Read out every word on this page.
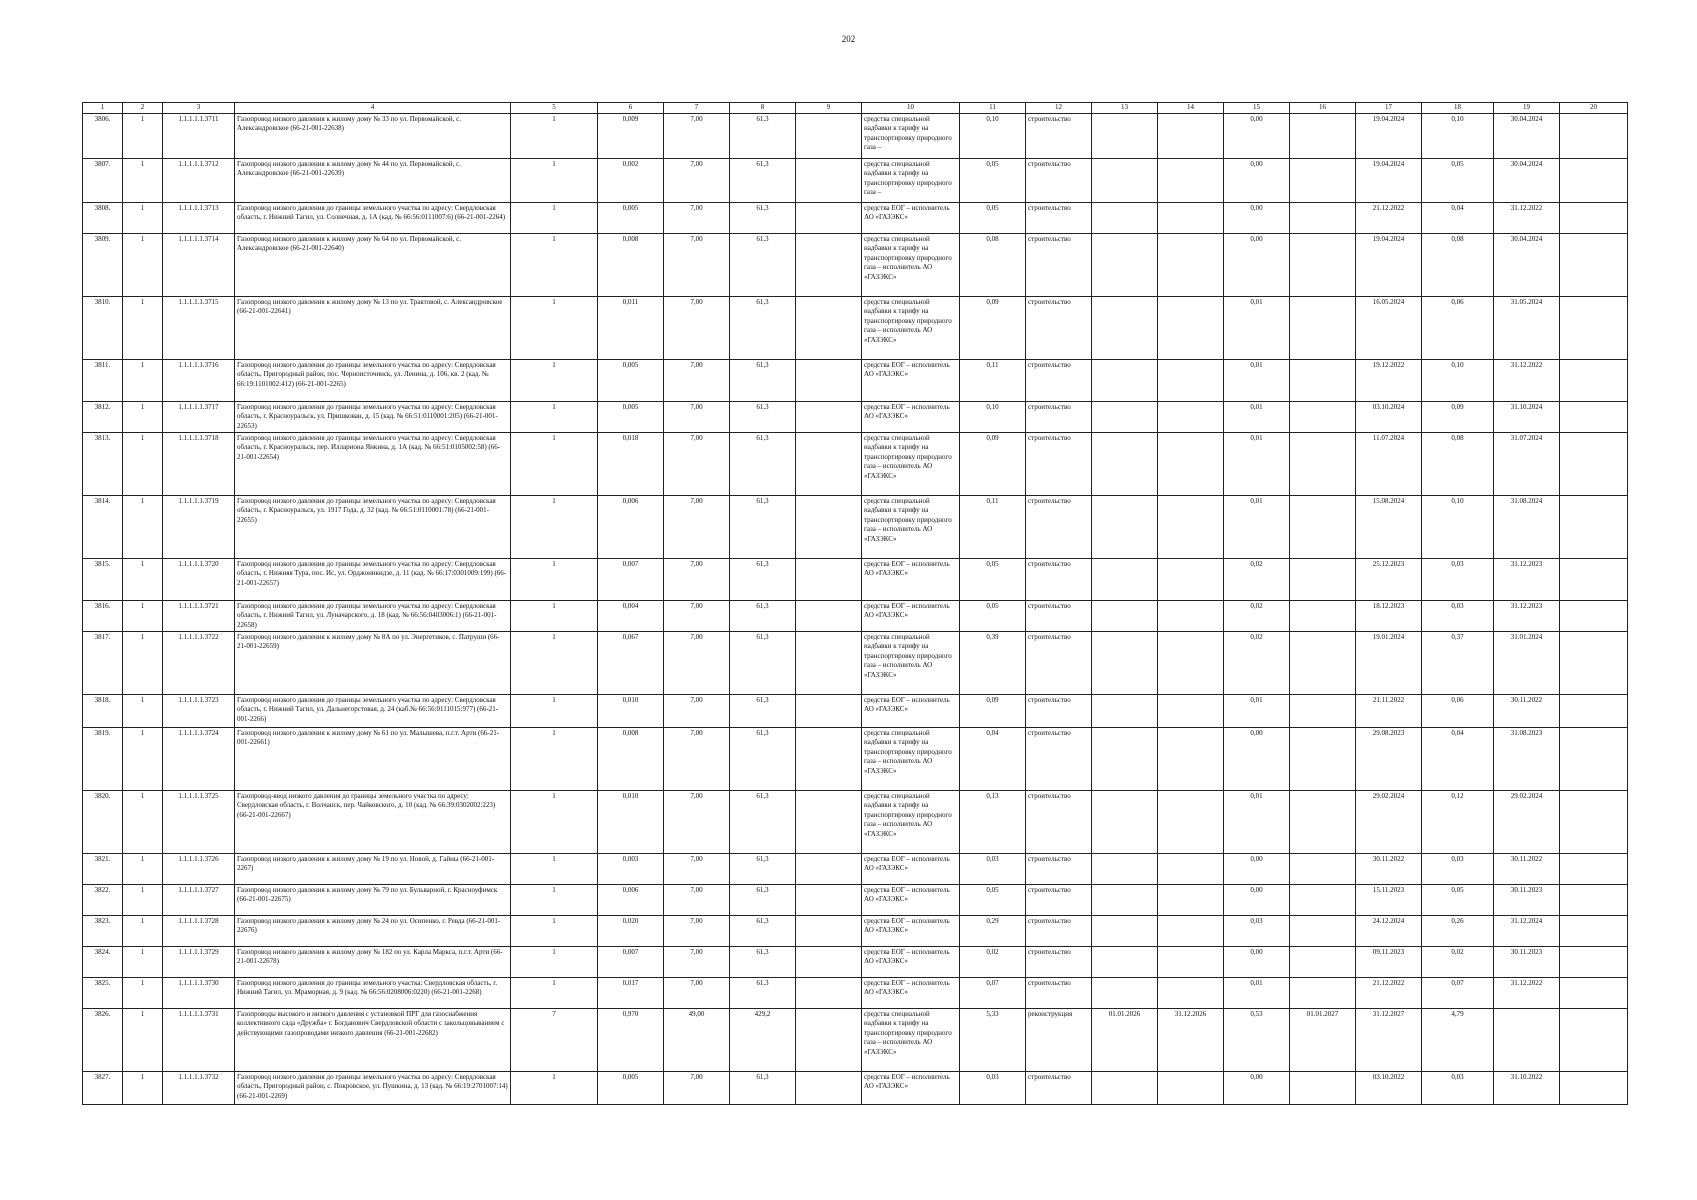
202
1	2	3	4	5	6	7	8	9	10	11	12	13	14	15	16	17	18	19	20
3806.	1	1.1.1.1.1.3711	Газопровод низкого давления к жилому дому № 33 по ул. Первомайской, с. Александровское (66-21-001-22638)	1	0,009	7,00	61,3		средства специальной надбавки к тарифу на транспортировку природного газа –	0,10	строительство			0,00		19.04.2024	0,10	30.04.2024	
3807.	1	1.1.1.1.1.3712	Газопровод низкого давления к жилому дому № 44 по ул. Первомайской, с. Александровское (66-21-001-22639)	1	0,002	7,00	61,3		средства специальной надбавки к тарифу на транспортировку природного газа –	0,05	строительство			0,00		19.04.2024	0,05	30.04.2024	
3808.	1	1.1.1.1.1.3713	Газопровод низкого давления до границы земельного участка по адресу: Свердловская область, г. Нижний Тагил, ул. Солнечная, д. 1А (кад. № 66:56:0111007:6) (66-21-001-2264)	1	0,005	7,00	61,3		средства ЕОГ – исполнитель АО «ГАЗЭКС»	0,05	строительство			0,00		21.12.2022	0,04	31.12.2022	
3809.	1	1.1.1.1.1.3714	Газопровод низкого давления к жилому дому № 64 по ул. Первомайской, с. Александровское (66-21-001-22640)	1	0,008	7,00	61,3		средства специальной надбавки к тарифу на транспортировку природного газа – исполнитель АО «ГАЗЭКС»	0,08	строительство			0,00		19.04.2024	0,08	30.04.2024	
3810.	1	1.1.1.1.1.3715	Газопровод низкого давления к жилому дому № 13 по ул. Трактовой, с. Александровское (66-21-001-22641)	1	0,011	7,00	61,3		средства специальной надбавки к тарифу на транспортировку природного газа – исполнитель АО «ГАЗЭКС»	0,09	строительство			0,01		16.05.2024	0,06	31.05.2024	
3811.	1	1.1.1.1.1.3716	Газопровод низкого давления до границы земельного участка по адресу: Свердловская область, Пригородный район, пос. Черноисточинск, ул. Ленина, д. 106, кв. 2 (кад. № 66:19:1101002:412) (66-21-001-2265)	1	0,005	7,00	61,3		средства ЕОГ – исполнитель АО «ГАЗЭКС»	0,11	строительство			0,01		19.12.2022	0,10	31.12.2022	
3812.	1	1.1.1.1.1.3717	Газопровод низкого давления до границы земельного участка по адресу: Свердловская область, г. Красноуральск, ул. Пришкован, д. 15 (кад. № 66:51:0110001:205) (66-21-001-22653)	1	0,005	7,00	61,3		средства ЕОГ – исполнитель АО «ГАЗЭКС»	0,10	строительство			0,01		03.10.2024	0,09	31.10.2024	
3813.	1	1.1.1.1.1.3718	Газопровод низкого давления до границы земельного участка по адресу: Свердловская область, г. Красноуральск, пер. Иллариона Янкина, д. 1А (кад. № 66:51:0105002:58) (66-21-001-22654)	1	0,018	7,00	61,3		средства специальной надбавки к тарифу на транспортировку природного газа – исполнитель АО «ГАЗЭКС»	0,09	строительство			0,01		11.07.2024	0,08	31.07.2024	
3814.	1	1.1.1.1.1.3719	Газопровод низкого давления до границы земельного участка по адресу: Свердловская область, г. Красноуральск, ул. 1917 Года, д. 32 (кад. № 66:51:0110001:78) (66-21-001-22655)	1	0,006	7,00	61,3		средства специальной надбавки к тарифу на транспортировку природного газа – исполнитель АО «ГАЗЭКС»	0,11	строительство			0,01		15.08.2024	0,10	31.08.2024	
3815.	1	1.1.1.1.1.3720	Газопровод низкого давления до границы земельного участка по адресу: Свердловская область, г. Нижняя Тура, пос. Ис, ул. Орджоникидзе, д. 11 (кад. № 66:17:0301009:199) (66-21-001-22657)	1	0,007	7,00	61,3		средства ЕОГ – исполнитель АО «ГАЗЭКС»	0,05	строительство			0,02		25.12.2023	0,03	31.12.2023	
3816.	1	1.1.1.1.1.3721	Газопровод низкого давления до границы земельного участка по адресу: Свердловская область, г. Нижний Тагил, ул. Луначарского, д. 18 (кад. № 66:56:0403006:1) (66-21-001-22658)	1	0,004	7,00	61,3		средства ЕОГ – исполнитель АО «ГАЗЭКС»	0,05	строительство			0,02		18.12.2023	0,03	31.12.2023	
3817.	1	1.1.1.1.1.3722	Газопровод низкого давления к жилому дому № 8А по ул. Энергетиков, с. Патруши (66-21-001-22659)	1	0,067	7,00	61,3		средства специальной надбавки к тарифу на транспортировку природного газа – исполнитель АО «ГАЗЭКС»	0,39	строительство			0,02		19.01.2024	0,37	31.01.2024	
3818.	1	1.1.1.1.1.3723	Газопровод низкого давления до границы земельного участка по адресу: Свердловская область, г. Нижний Тагил, ул. Дальнегорстовая, д. 24 (каб.№ 66:56:0111015:977) (66-21-001-2266)	1	0,010	7,00	61,3		средства ЕОГ – исполнитель АО «ГАЗЭКС»	0,09	строительство			0,01		21.11.2022	0,06	30.11.2022	
3819.	1	1.1.1.1.1.3724	Газопровод низкого давления к жилому дому № 61 по ул. Малышева, п.г.т. Арти (66-21-001-22661)	1	0,008	7,00	61,3		средства специальной надбавки к тарифу на транспортировку природного газа – исполнитель АО «ГАЗЭКС»	0,04	строительство			0,00		29.08.2023	0,04	31.08.2023	
3820.	1	1.1.1.1.1.3725	Газопровод-ввод низкого давления до границы земельного участка по адресу: Свердловская область, г. Волчанск, пер. Чайковского, д. 10 (кад. № 66:39:0302002:223) (66-21-001-22667)	1	0,010	7,00	61,3		средства специальной надбавки к тарифу на транспортировку природного газа – исполнитель АО «ГАЗЭКС»	0,13	строительство			0,01		29.02.2024	0,12	29.02.2024	
3821.	1	1.1.1.1.1.3726	Газопровод низкого давления к жилому дому № 19 по ул. Новой, д. Гайны (66-21-001-2267)	1	0,003	7,00	61,3		средства ЕОГ – исполнитель АО «ГАЗЭКС»	0,03	строительство			0,00		30.11.2022	0,03	30.11.2022	
3822.	1	1.1.1.1.1.3727	Газопровод низкого давления к жилому дому № 79 по ул. Бульварной, г. Красноуфимск (66-21-001-22675)	1	0,006	7,00	61,3		средства ЕОГ – исполнитель АО «ГАЗЭКС»	0,05	строительство			0,00		15.11.2023	0,05	30.11.2023	
3823.	1	1.1.1.1.1.3728	Газопровод низкого давления к жилому дому № 24 по ул. Осипенко, г. Ревда (66-21-001-22676)	1	0,020	7,00	61,3		средства ЕОГ – исполнитель АО «ГАЗЭКС»	0,29	строительство			0,03		24.12.2024	0,26	31.12.2024	
3824.	1	1.1.1.1.1.3729	Газопровод низкого давления к жилому дому № 182 по ул. Карла Маркса, п.г.т. Арти (66-21-001-22678)	1	0,007	7,00	61,3		средства ЕОГ – исполнитель АО «ГАЗЭКС»	0,02	строительство			0,00		09.11.2023	0,02	30.11.2023	
3825.	1	1.1.1.1.1.3730	Газопровод низкого давления до границы земельного участка: Свердловская область, г. Нижний Тагил, ул. Мраморная, д. 9 (кад. № 66:56:0208006:0220) (66-21-001-2268)	1	0,017	7,00	61,3		средства ЕОГ – исполнитель АО «ГАЗЭКС»	0,07	строительство			0,01		21.12.2022	0,07	31.12.2022	
3826.	1	1.1.1.1.1.3731	Газопроводы высокого и низкого давления с установкой ПРГ для газоснабжения коллективного сада «Дружба» г. Богданович Свердловской области с закольцовыванием с действующими газопроводами низкого давления (66-21-001-22682)	7	0,970	49,00	429,2		средства специальной надбавки к тарифу на транспортировку природного газа – исполнитель АО «ГАЗЭКС»	5,33	реконструкция	01.01.2026	31.12.2026	0,53	01.01.2027	31.12.2027	4,79		
3827.	1	1.1.1.1.1.3732	Газопровод низкого давления до границы земельного участка по адресу: Свердловская область, Пригородный район, с. Покровское, ул. Пушкина, д. 13 (кад. № 66:19:2701007:14) (66-21-001-2269)	1	0,005	7,00	61,3		средства ЕОГ – исполнитель АО «ГАЗЭКС»	0,03	строительство			0,00		03.10.2022	0,03	31.10.2022	
